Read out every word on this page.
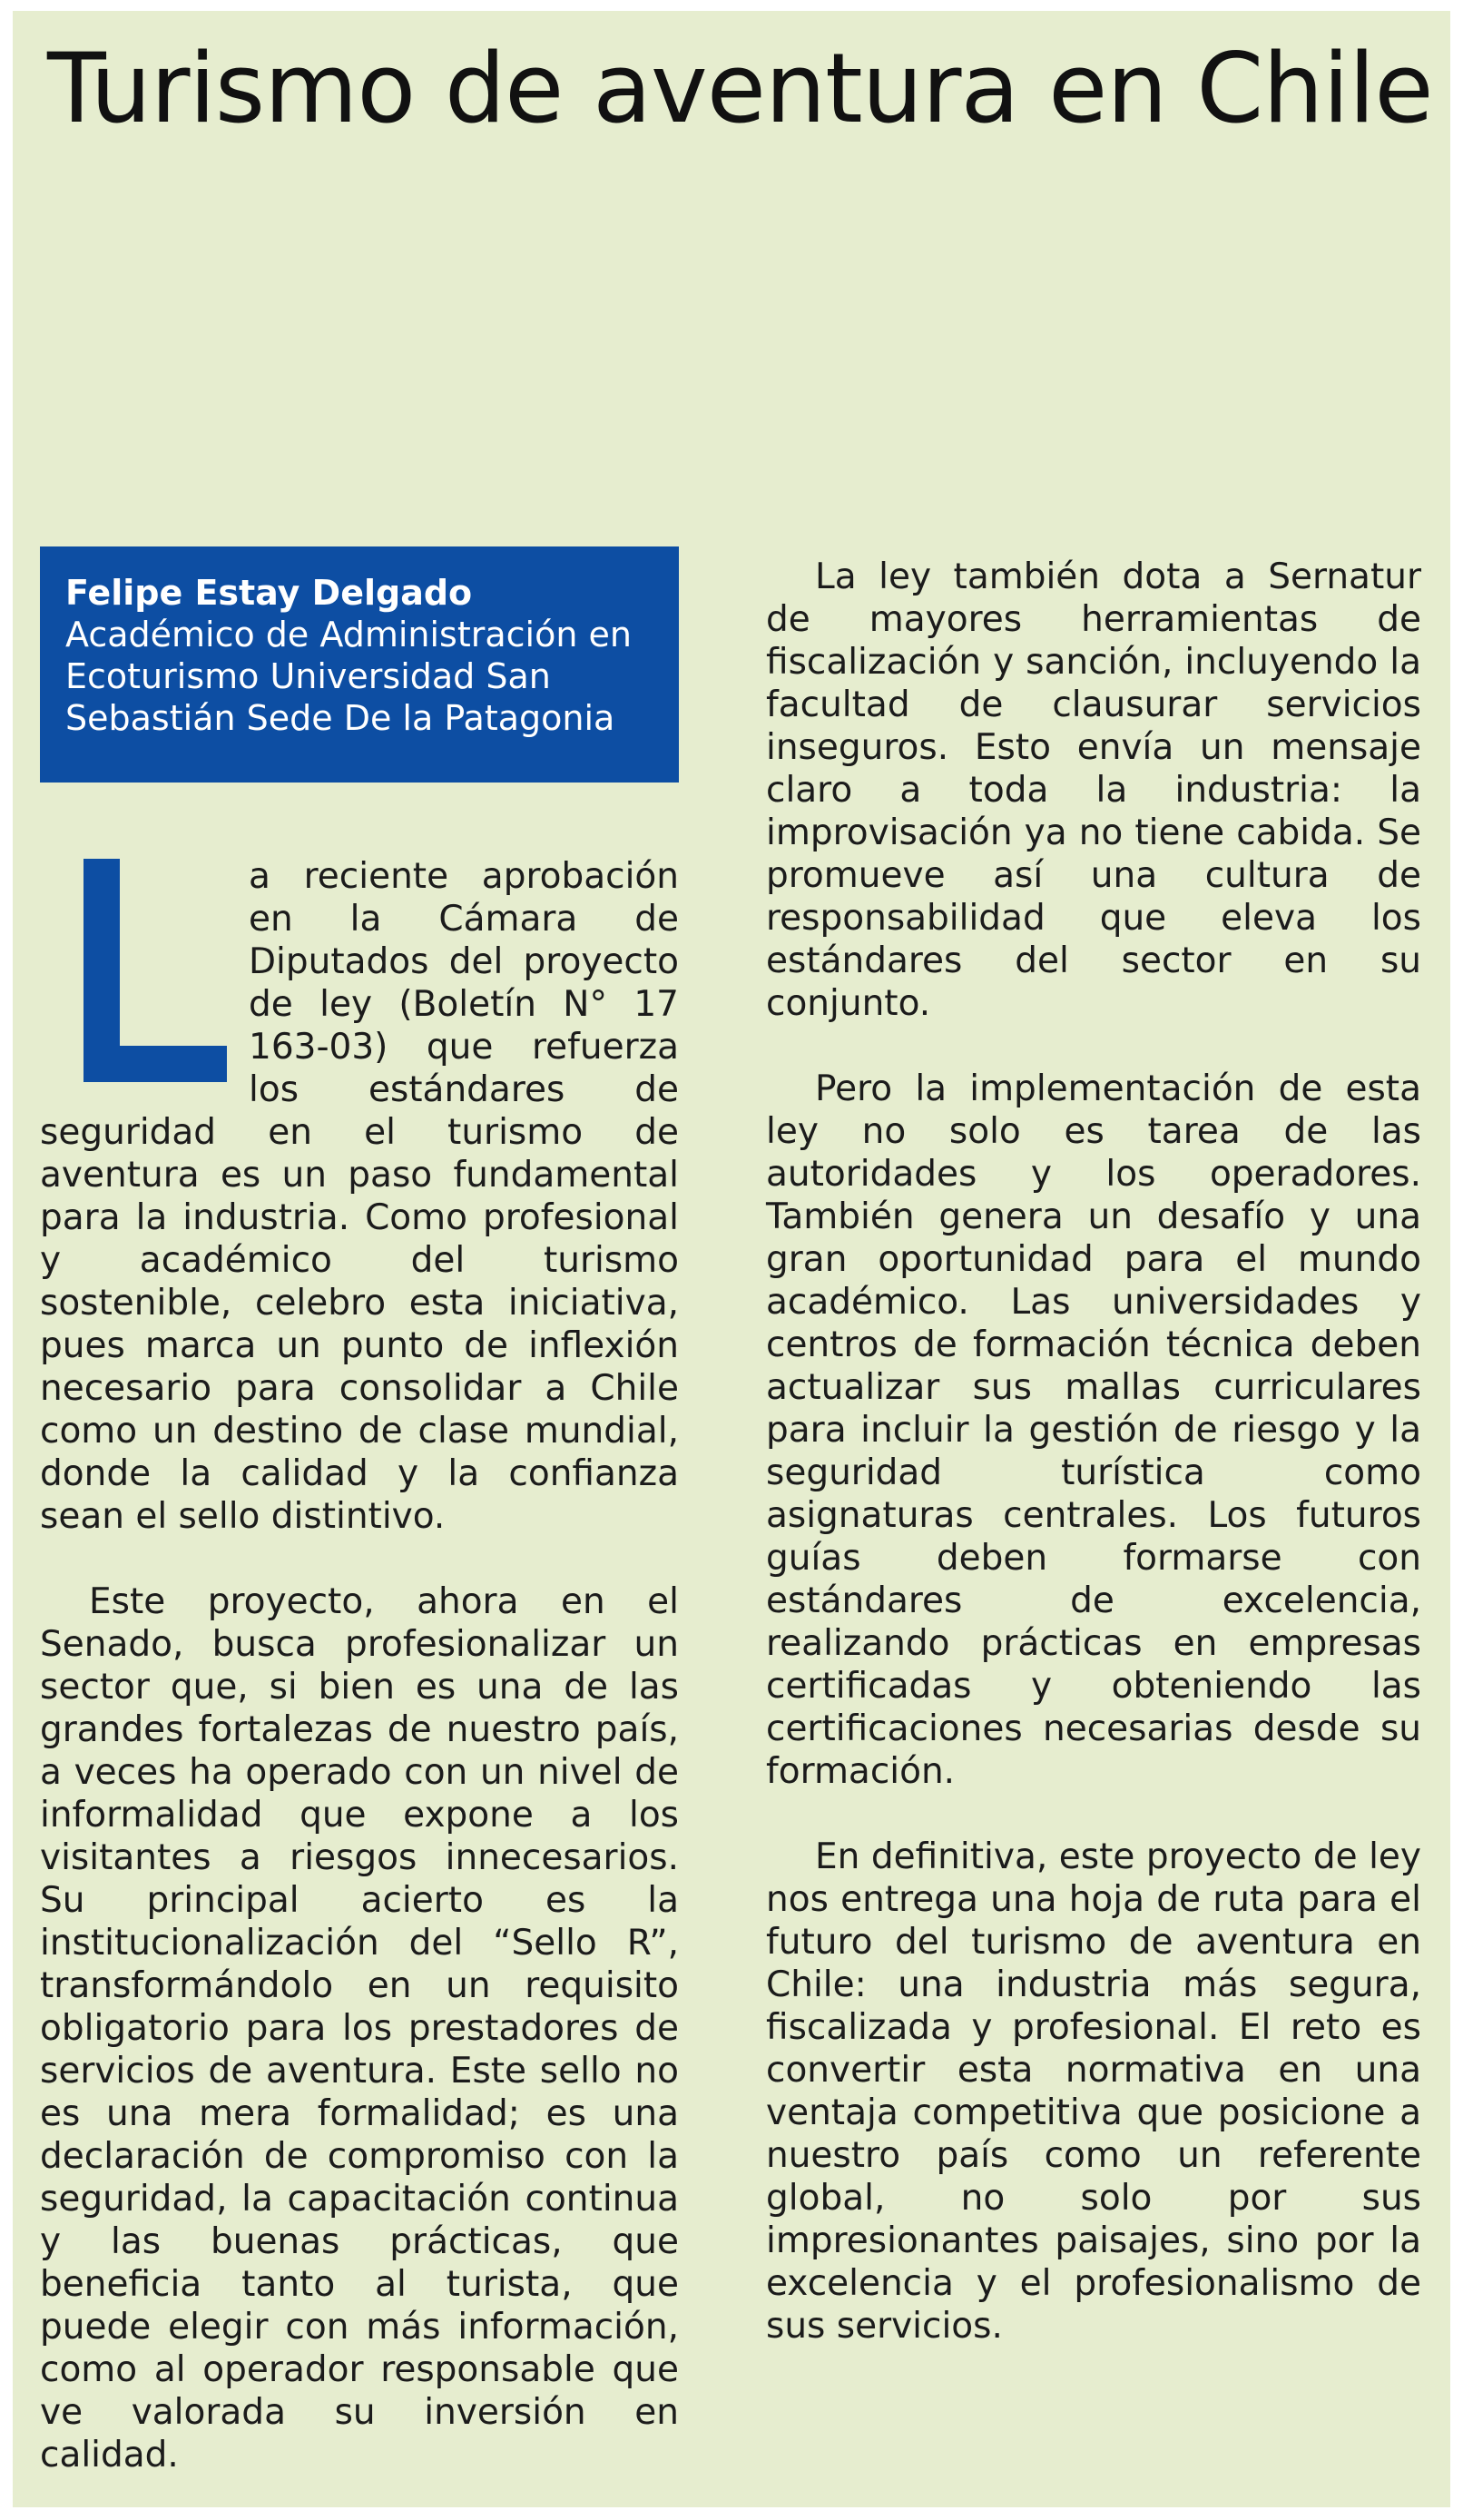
Turismo de aventura en Chile
Felipe Estay Delgado
Académico de Administración en Ecoturismo Universidad San Sebastián Sede De la Patagonia

a reciente aprobación en la Cámara de Diputados del proyecto de ley (Boletín N° 17 163-03) que refuerza los estándares de seguridad en el turismo de aventura es un paso fundamental para la industria. Como profesional y académico del turismo sostenible, celebro esta iniciativa, pues marca un punto de inflexión necesario para consolidar a Chile como un destino de clase mundial, donde la calidad y la confianza sean el sello distintivo.

Este proyecto, ahora en el Senado, busca profesionalizar un sector que, si bien es una de las grandes fortalezas de nuestro país, a veces ha operado con un nivel de informalidad que expone a los visitantes a riesgos innecesarios. Su principal acierto es la institucionalización del “Sello R”, transformándolo en un requisito obligatorio para los prestadores de servicios de aventura. Este sello no es una mera formalidad; es una declaración de compromiso con la seguridad, la capacitación continua y las buenas prácticas, que beneficia tanto al turista, que puede elegir con más información, como al operador responsable que ve valorada su inversión en calidad.

La ley también dota a Sernatur de mayores herramientas de fiscalización y sanción, incluyendo la facultad de clausurar servicios inseguros. Esto envía un mensaje claro a toda la industria: la improvisación ya no tiene cabida. Se promueve así una cultura de responsabilidad que eleva los estándares del sector en su conjunto.

Pero la implementación de esta ley no solo es tarea de las autoridades y los operadores. También genera un desafío y una gran oportunidad para el mundo académico. Las universidades y centros de formación técnica deben actualizar sus mallas curriculares para incluir la gestión de riesgo y la seguridad turística como asignaturas centrales. Los futuros guías deben formarse con estándares de excelencia, realizando prácticas en empresas certificadas y obteniendo las certificaciones necesarias desde su formación.

En definitiva, este proyecto de ley nos entrega una hoja de ruta para el futuro del turismo de aventura en Chile: una industria más segura, fiscalizada y profesional. El reto es convertir esta normativa en una ventaja competitiva que posicione a nuestro país como un referente global, no solo por sus impresionantes paisajes, sino por la excelencia y el profesionalismo de sus servicios.
